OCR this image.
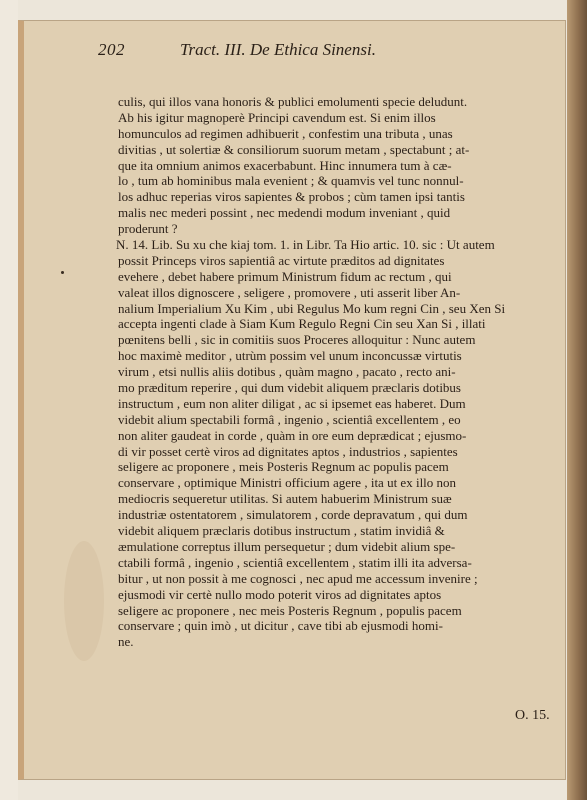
202	Tract. III. De Ethica Sinensi.
culis, qui illos vana honoris & publici emolumenti specie deludunt.
Ab his igitur magnoperè Principi cavendum est. Si enim illos
homunculos ad regimen adhibuerit , confestim una tributa , unas
divitias , ut solertiæ & consiliorum suorum metam , spectabunt ; at-
que ita omnium animos exacerbabunt. Hinc innumera tum à cæ-
lo , tum ab hominibus mala evenient ; & quamvis vel tunc nonnul-
los adhuc reperias viros sapientes & probos ; cùm tamen ipsi tantis
malis nec mederi possint , nec medendi modum inveniant , quid
proderunt ?
N. 14. Lib. Su xu che kiaj tom. 1. in Libr. Ta Hio artic. 10. sic : Ut autem
possit Princeps viros sapientiâ ac virtute præditos ad dignitates
evehere , debet habere primum Ministrum fidum ac rectum , qui
valeat illos dignoscere , seligere , promovere , uti asserit liber An-
nalium Imperialium Xu Kim , ubi Regulus Mo kum regni Cin , seu Xen Si
accepta ingenti clade à Siam Kum Regulo Regni Cin seu Xan Si , illati
pœnitens belli , sic in comitiis suos Proceres alloquitur : Nunc autem
hoc maximè meditor , utrùm possim vel unum inconcussæ virtutis
virum , etsi nullis aliis dotibus , quàm magno , pacato , recto ani-
mo præditum reperire , qui dum videbit aliquem præclaris dotibus
instructum , eum non aliter diligat , ac si ipsemet eas haberet. Dum
videbit alium spectabili formâ , ingenio , scientiâ excellentem , eo
non aliter gaudeat in corde , quàm in ore eum deprædicat ; ejusmo-
di vir posset certè viros ad dignitates aptos , industrios , sapientes
seligere ac proponere , meis Posteris Regnum ac populis pacem
conservare , optimique Ministri officium agere , ita ut ex illo non
mediocris sequeretur utilitas. Si autem habuerim Ministrum suæ
industriæ ostentatorem , simulatorem , corde depravatum , qui dum
videbit aliquem præclaris dotibus instructum , statim invidiâ &
æmulatione correptus illum persequetur ; dum videbit alium spe-
ctabili formâ , ingenio , scientiâ excellentem , statim illi ita adversa-
bitur , ut non possit à me cognosci , nec apud me accessum invenire ;
ejusmodi vir certè nullo modo poterit viros ad dignitates aptos
seligere ac proponere , nec meis Posteris Regnum , populis pacem
conservare ; quin imò , ut dicitur , cave tibi ab ejusmodi homi-
ne.
O. 15.
